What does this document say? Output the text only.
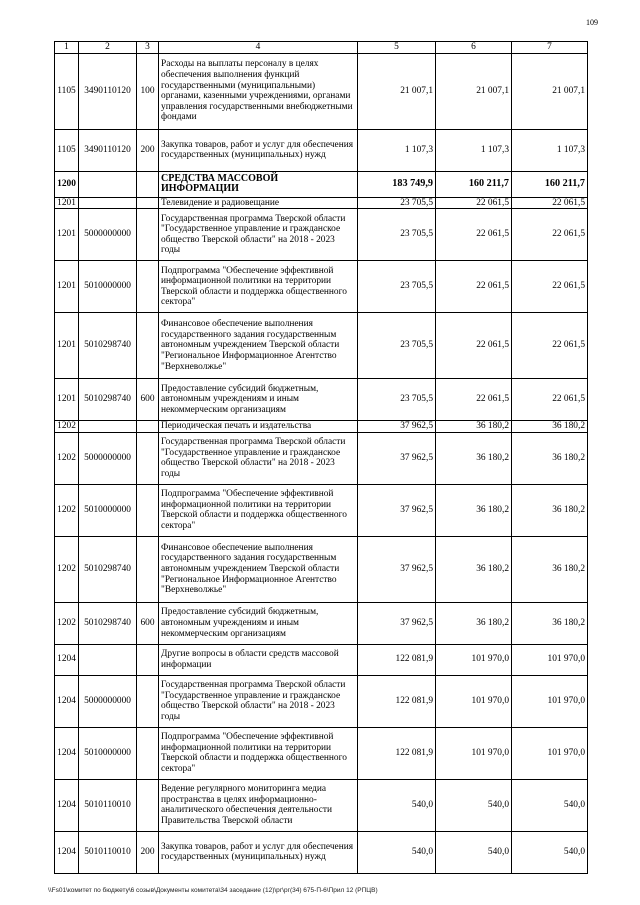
109
1	2	3	4	5	6	7
1105	3490110120	100	Расходы на выплаты персоналу в целях обеспечения выполнения функций государственными (муниципальными) органами, казенными учреждениями, органами управления государственными внебюджетными фондами	21 007,1	21 007,1	21 007,1
1105	3490110120	200	Закупка товаров, работ и услуг для обеспечения государственных (муниципальных) нужд	1 107,3	1 107,3	1 107,3
1200			СРЕДСТВА МАССОВОЙ ИНФОРМАЦИИ	183 749,9	160 211,7	160 211,7
1201			Телевидение и радиовещание	23 705,5	22 061,5	22 061,5
1201	5000000000		Государственная программа Тверской области "Государственное управление и гражданское общество Тверской области" на 2018 - 2023 годы	23 705,5	22 061,5	22 061,5
1201	5010000000		Подпрограмма "Обеспечение эффективной информационной политики на территории Тверской области и поддержка общественного сектора"	23 705,5	22 061,5	22 061,5
1201	5010298740		Финансовое обеспечение выполнения государственного задания государственным автономным учреждением Тверской области "Региональное Информационное Агентство "Верхневолжье"	23 705,5	22 061,5	22 061,5
1201	5010298740	600	Предоставление субсидий бюджетным, автономным учреждениям и иным некоммерческим организациям	23 705,5	22 061,5	22 061,5
1202			Периодическая печать и издательства	37 962,5	36 180,2	36 180,2
1202	5000000000		Государственная программа Тверской области "Государственное управление и гражданское общество Тверской области" на 2018 - 2023 годы	37 962,5	36 180,2	36 180,2
1202	5010000000		Подпрограмма "Обеспечение эффективной информационной политики на территории Тверской области и поддержка общественного сектора"	37 962,5	36 180,2	36 180,2
1202	5010298740		Финансовое обеспечение выполнения государственного задания государственным автономным учреждением Тверской области "Региональное Информационное Агентство "Верхневолжье"	37 962,5	36 180,2	36 180,2
1202	5010298740	600	Предоставление субсидий бюджетным, автономным учреждениям и иным некоммерческим организациям	37 962,5	36 180,2	36 180,2
1204			Другие вопросы в области средств массовой информации	122 081,9	101 970,0	101 970,0
1204	5000000000		Государственная программа Тверской области "Государственное управление и гражданское общество Тверской области" на 2018 - 2023 годы	122 081,9	101 970,0	101 970,0
1204	5010000000		Подпрограмма "Обеспечение эффективной информационной политики на территории Тверской области и поддержка общественного сектора"	122 081,9	101 970,0	101 970,0
1204	5010110010		Ведение регулярного мониторинга медиа пространства в целях информационно-аналитического обеспечения деятельности Правительства Тверской области	540,0	540,0	540,0
1204	5010110010	200	Закупка товаров, работ и услуг для обеспечения государственных (муниципальных) нужд	540,0	540,0	540,0
\\Fs01\комитет по бюджету\6 созыв\Документы комитета\34 заседание (12)\рг\рг(34) 675-П-6\Прил 12 (РПЦВ)
